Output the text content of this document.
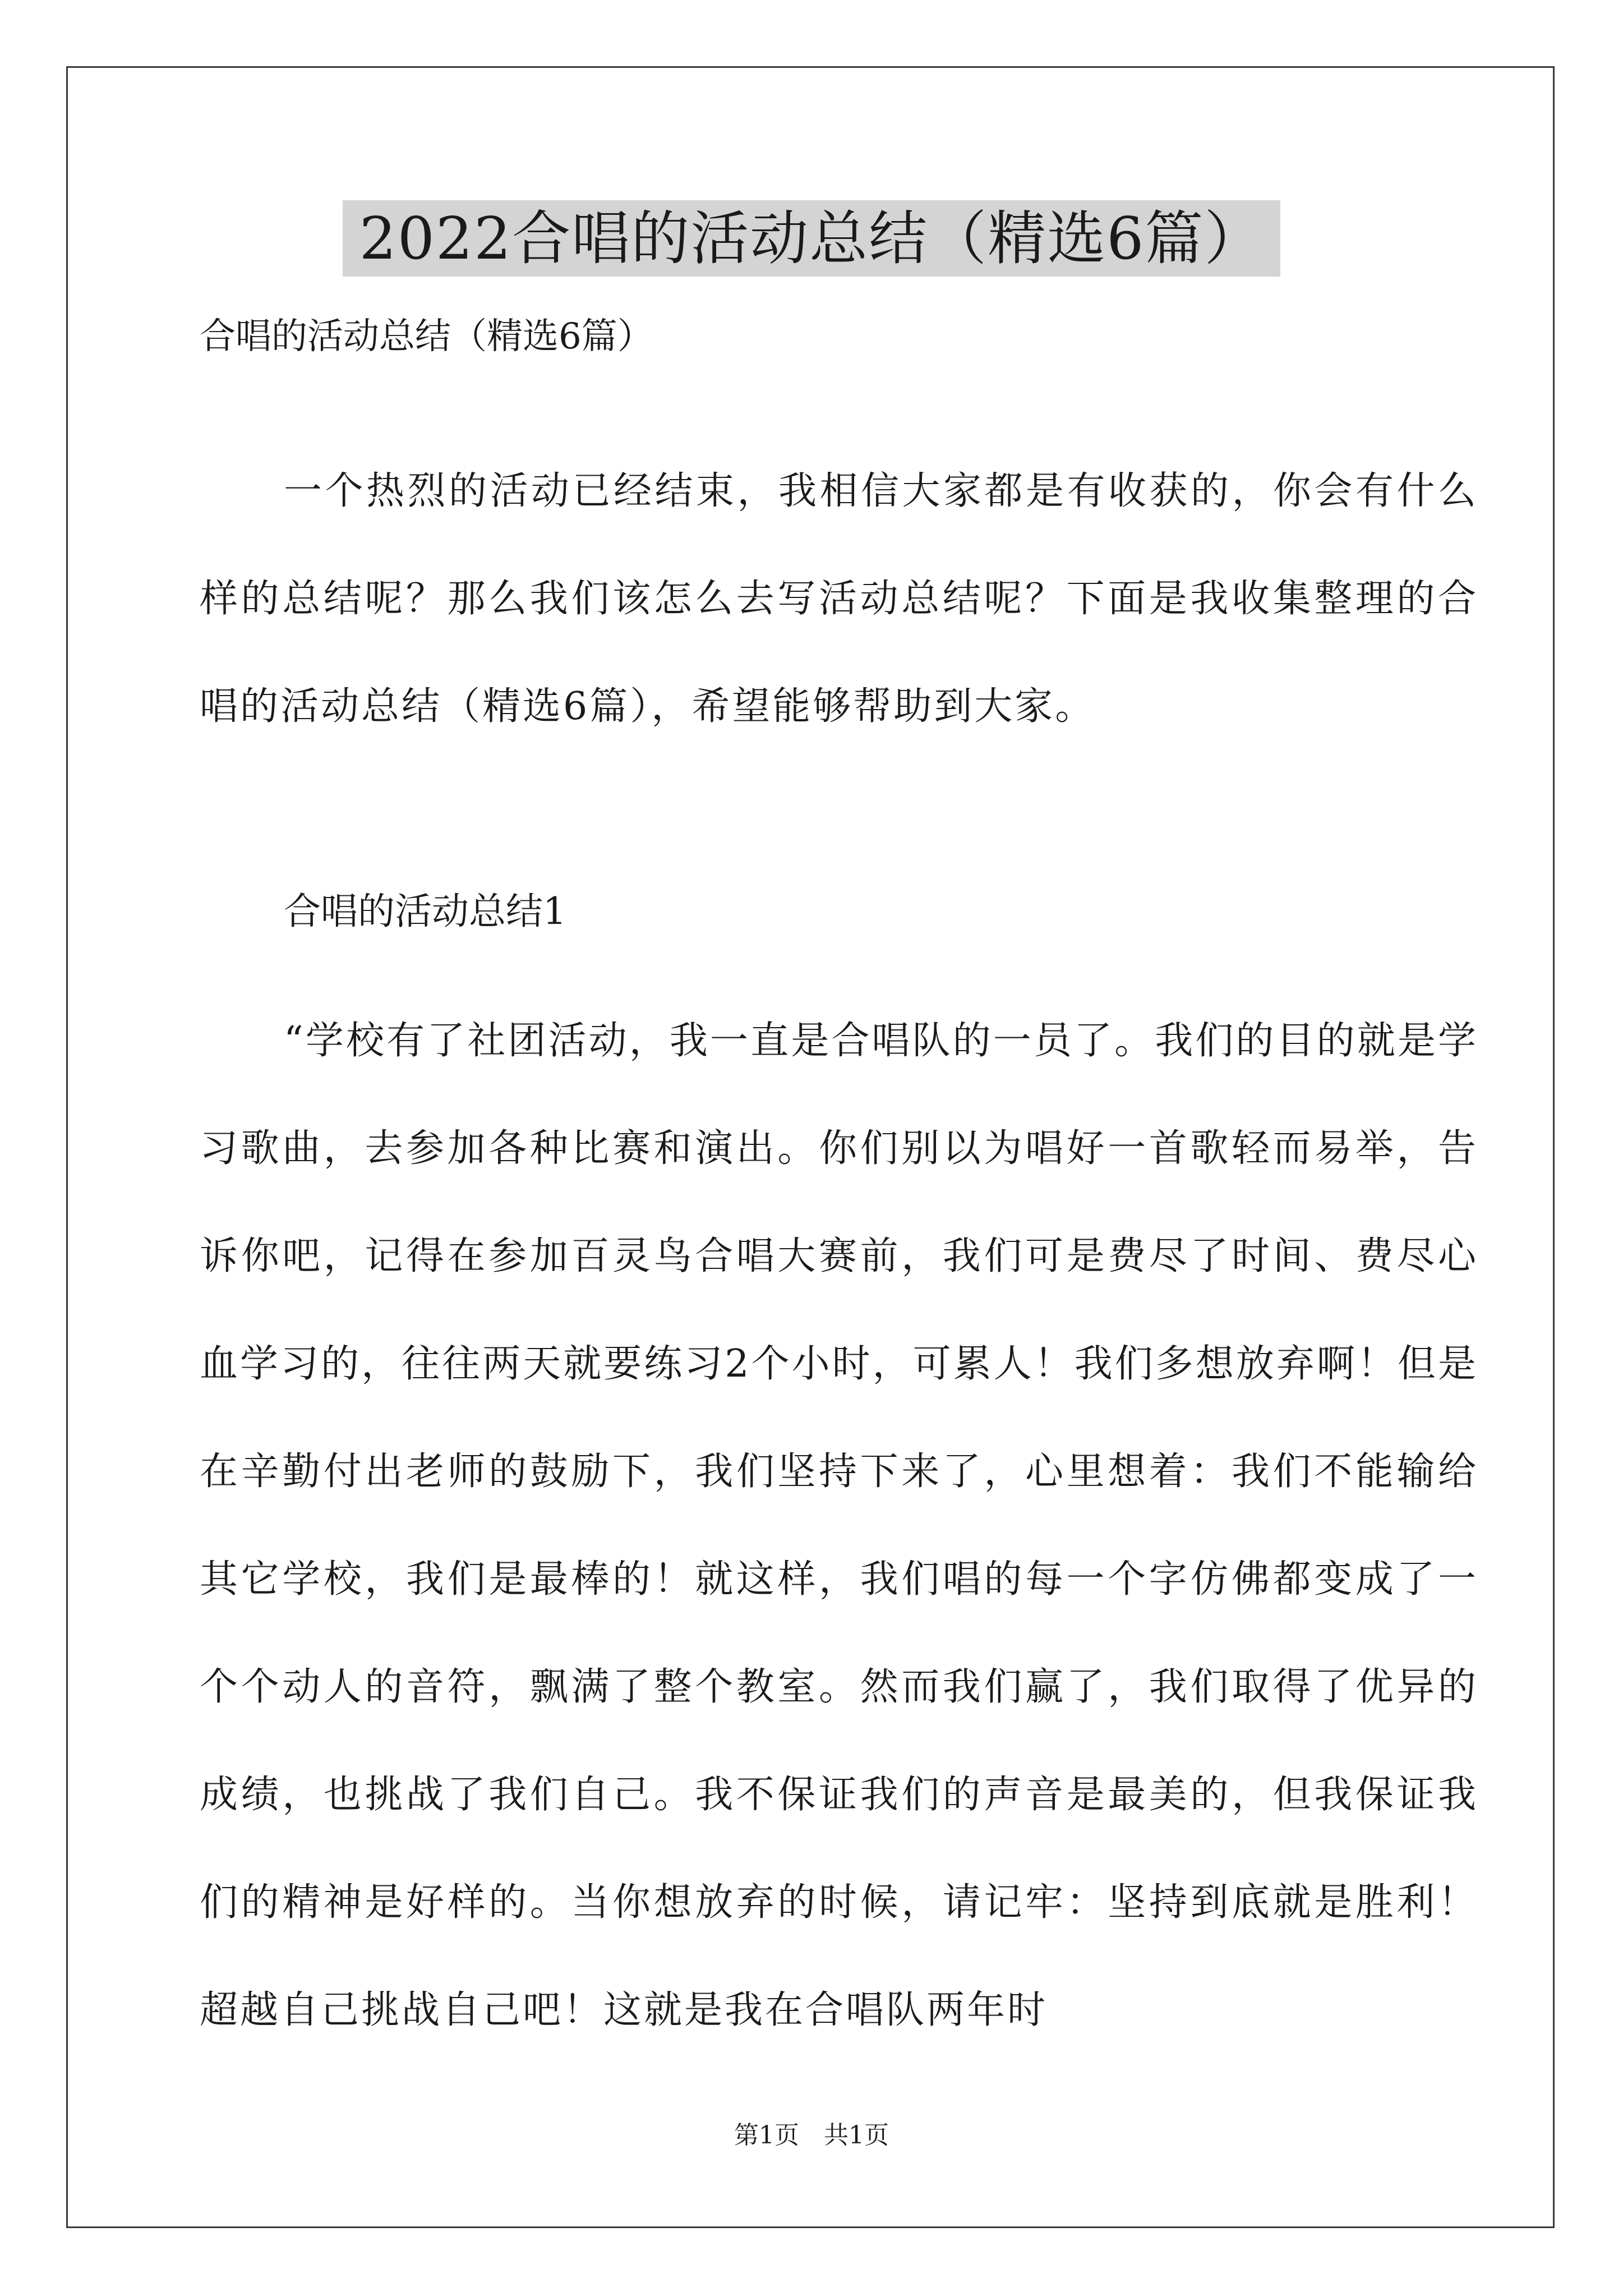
2022合唱的活动总结（精选6篇）
合唱的活动总结（精选6篇）

一个热烈的活动已经结束，我相信大家都是有收获的，你会有什么样的总结呢？那么我们该怎么去写活动总结呢？下面是我收集整理的合唱的活动总结（精选6篇），希望能够帮助到大家。

合唱的活动总结1

“学校有了社团活动，我一直是合唱队的一员了。我们的目的就是学习歌曲，去参加各种比赛和演出。你们别以为唱好一首歌轻而易举，告诉你吧，记得在参加百灵鸟合唱大赛前，我们可是费尽了时间、费尽心血学习的，往往两天就要练习2个小时，可累人！我们多想放弃啊！但是在辛勤付出老师的鼓励下，我们坚持下来了，心里想着：我们不能输给其它学校，我们是最棒的！就这样，我们唱的每一个字仿佛都变成了一个个动人的音符，飘满了整个教室。然而我们赢了，我们取得了优异的成绩，也挑战了我们自己。我不保证我们的声音是最美的，但我保证我们的精神是好样的。当你想放弃的时候，请记牢：坚持到底就是胜利！超越自己挑战自己吧！这就是我在合唱队两年时

第1页　共1页
